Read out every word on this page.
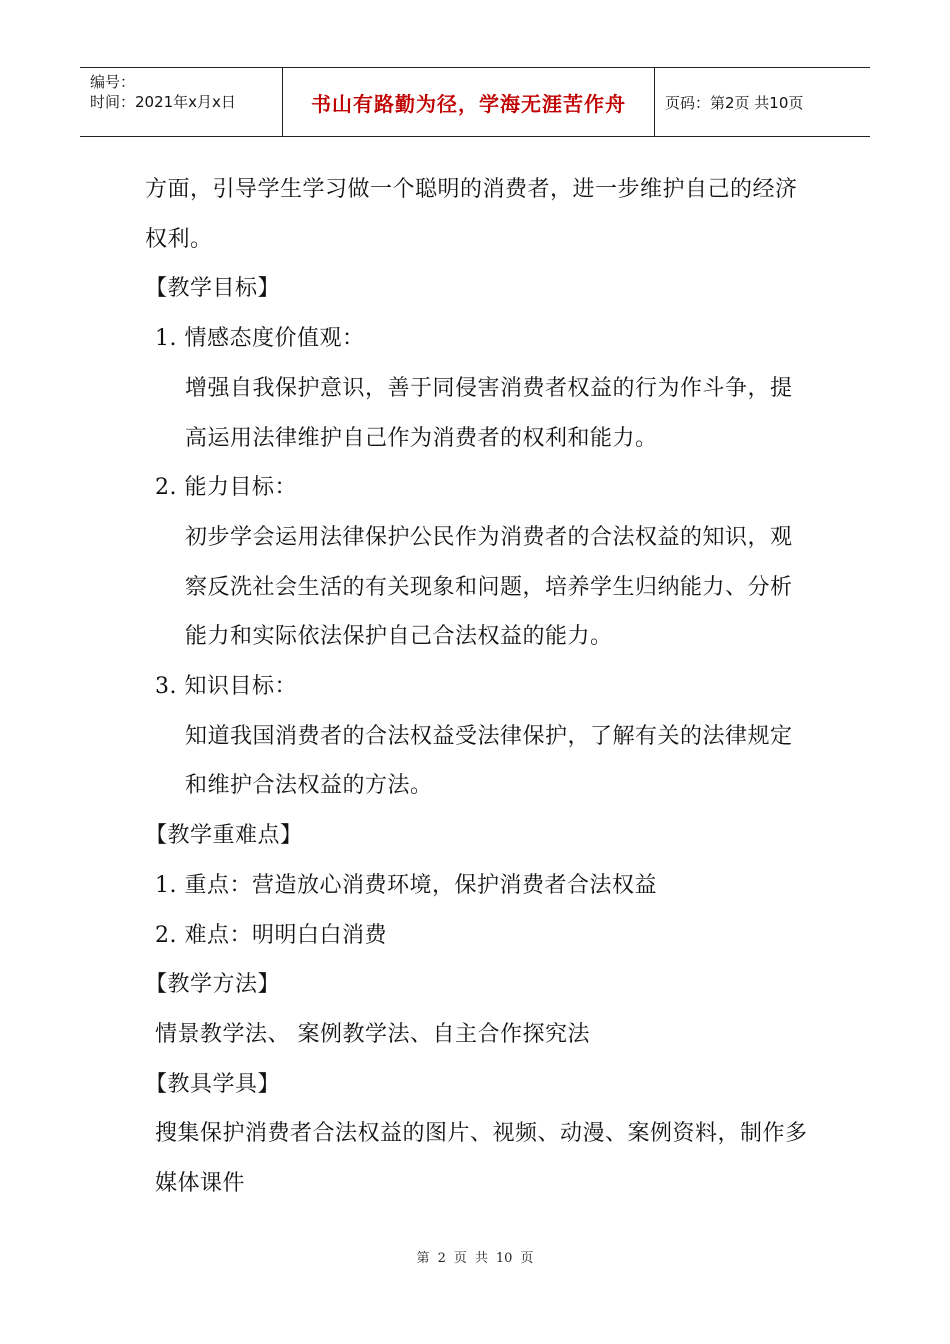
编号：
时间：2021年x月x日	书山有路勤为径，学海无涯苦作舟	页码：第2页 共10页
方面，引导学生学习做一个聪明的消费者，进一步维护自己的经济
权利。
【教学目标】
1. 情感态度价值观：
增强自我保护意识，善于同侵害消费者权益的行为作斗争，提
高运用法律维护自己作为消费者的权利和能力。
2. 能力目标：
初步学会运用法律保护公民作为消费者的合法权益的知识，观
察反洗社会生活的有关现象和问题，培养学生归纳能力、分析
能力和实际依法保护自己合法权益的能力。
3. 知识目标：
知道我国消费者的合法权益受法律保护，了解有关的法律规定
和维护合法权益的方法。
【教学重难点】
1. 重点：营造放心消费环境，保护消费者合法权益
2. 难点：明明白白消费
【教学方法】
情景教学法、 案例教学法、自主合作探究法
【教具学具】
搜集保护消费者合法权益的图片、视频、动漫、案例资料，制作多
媒体课件
第 2 页 共 10 页
